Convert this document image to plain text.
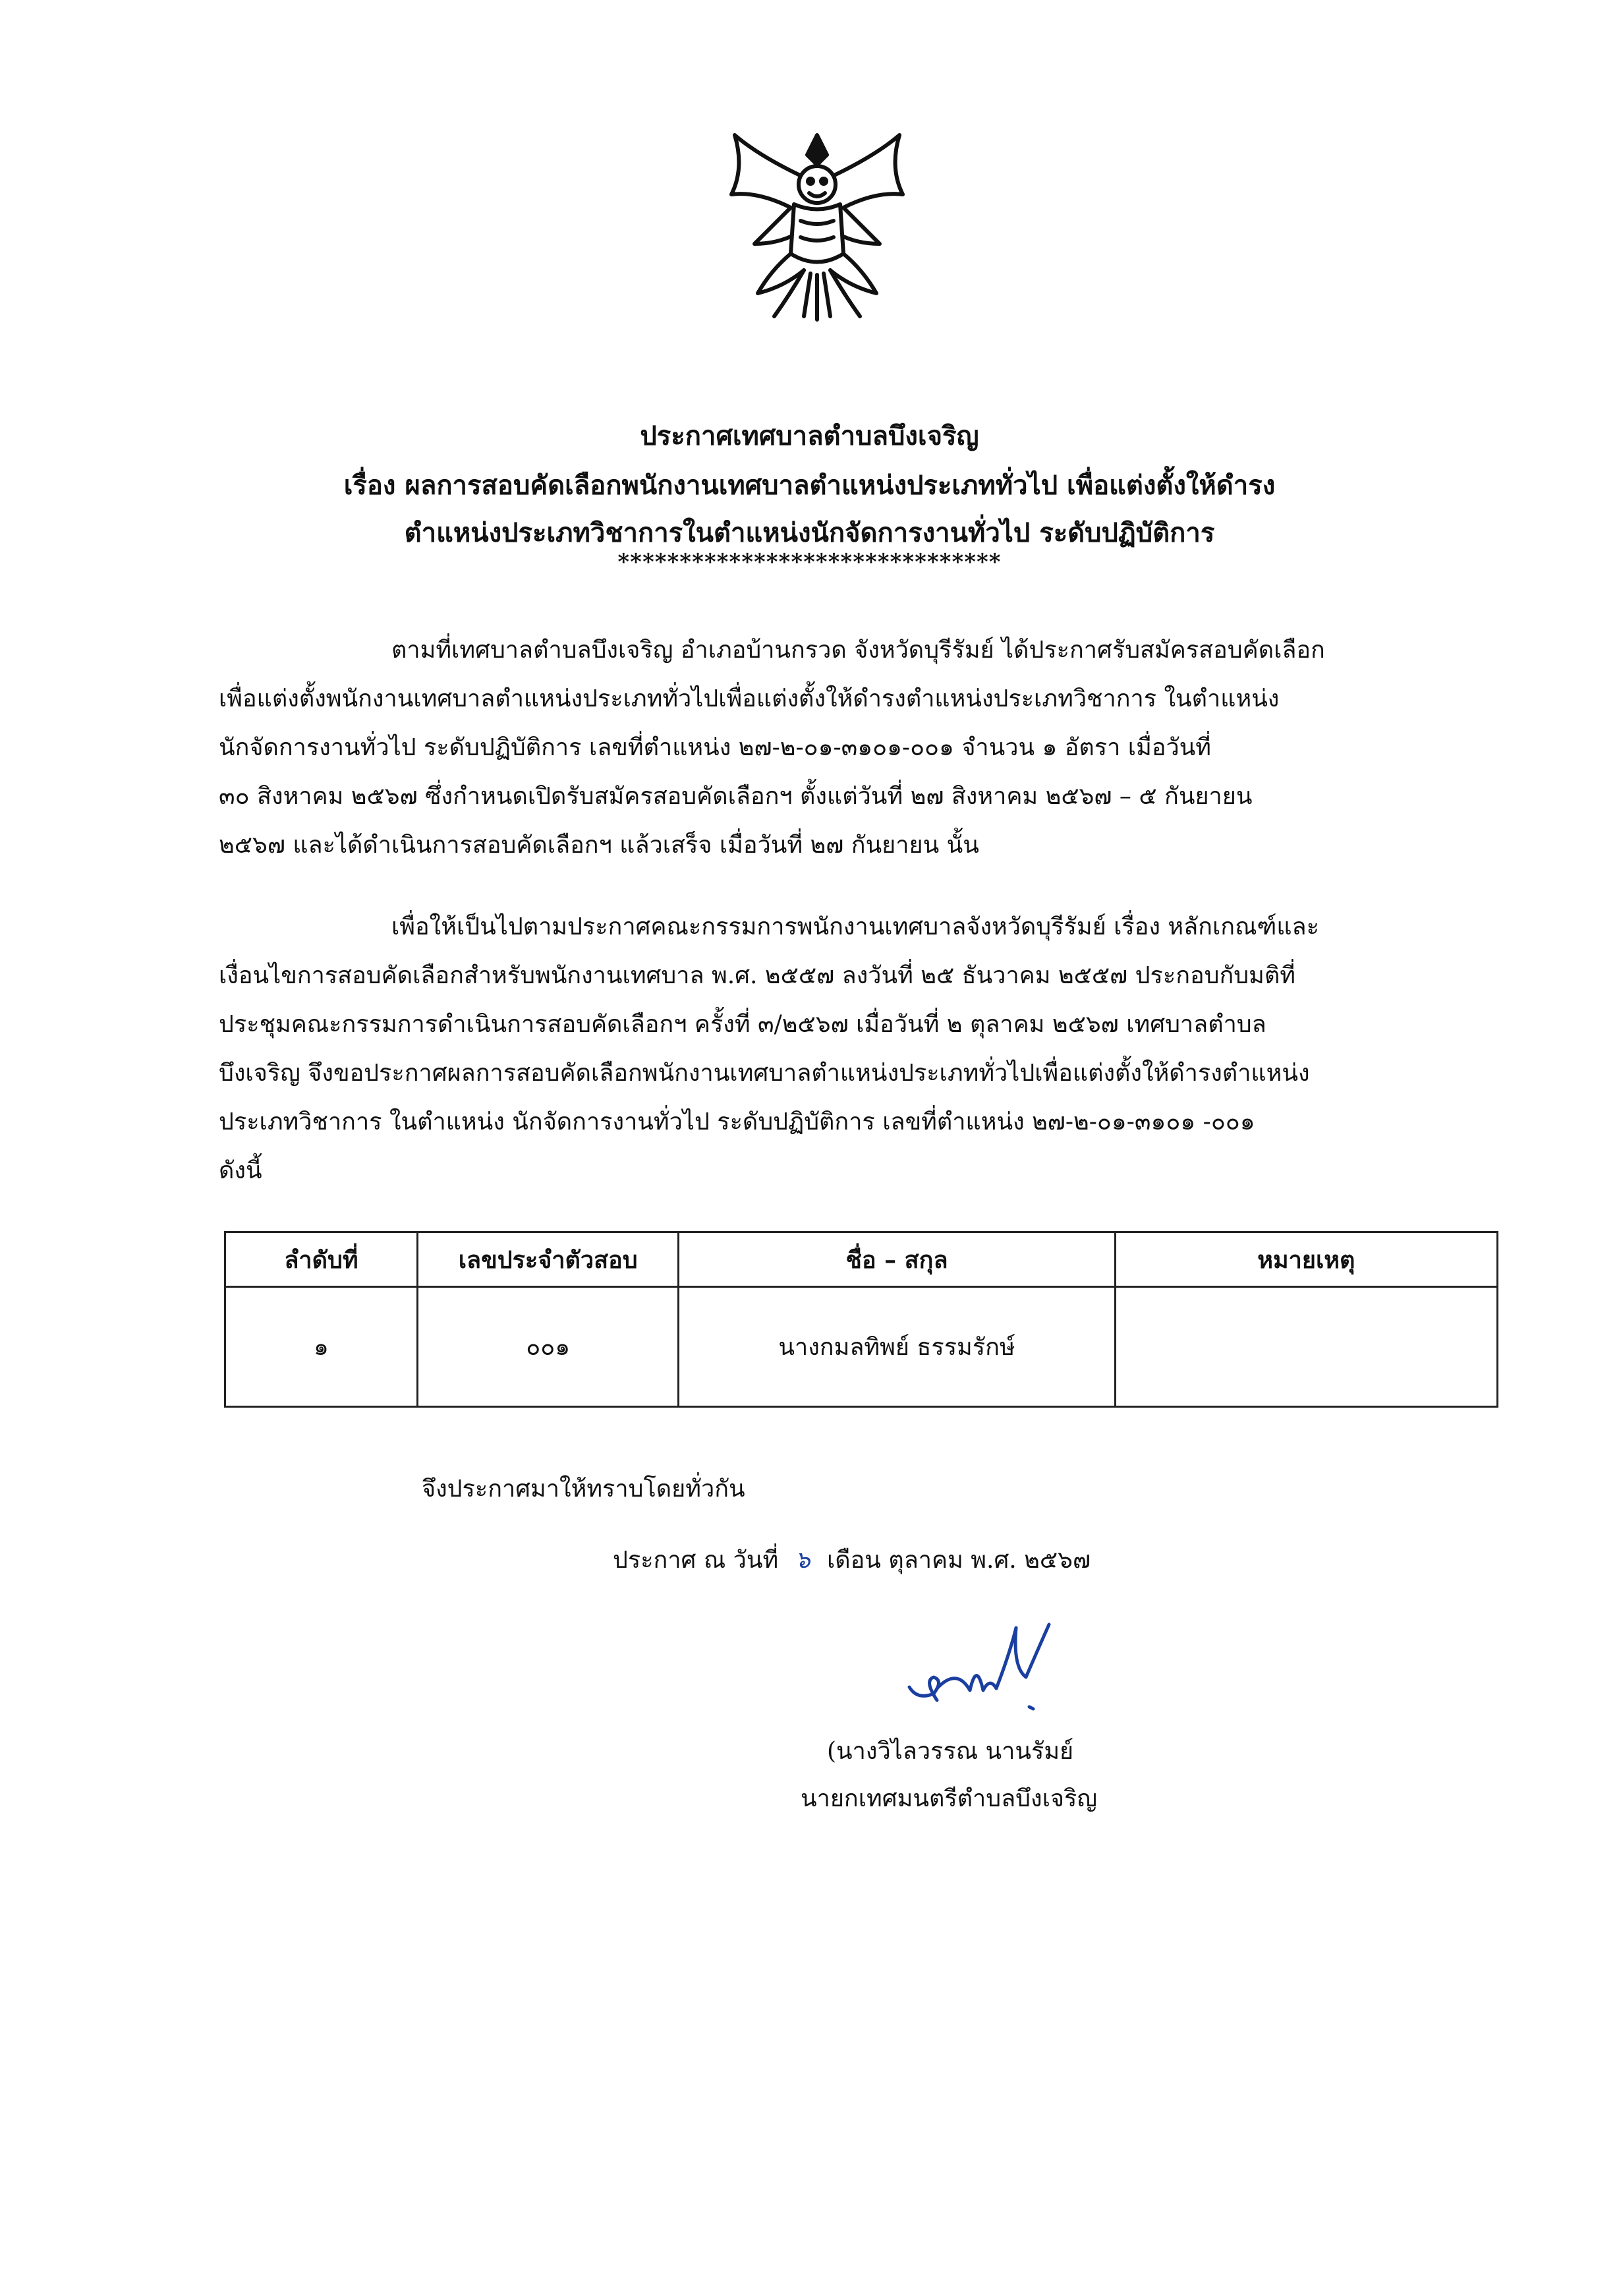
ประกาศเทศบาลตำบลบึงเจริญ
เรื่อง ผลการสอบคัดเลือกพนักงานเทศบาลตำแหน่งประเภททั่วไป เพื่อแต่งตั้งให้ดำรง
ตำแหน่งประเภทวิชาการในตำแหน่งนักจัดการงานทั่วไป ระดับปฏิบัติการ
*******************************
ตามที่เทศบาลตำบลบึงเจริญ อำเภอบ้านกรวด จังหวัดบุรีรัมย์ ได้ประกาศรับสมัครสอบคัดเลือก
เพื่อแต่งตั้งพนักงานเทศบาลตำแหน่งประเภททั่วไปเพื่อแต่งตั้งให้ดำรงตำแหน่งประเภทวิชาการ ในตำแหน่ง
นักจัดการงานทั่วไป ระดับปฏิบัติการ เลขที่ตำแหน่ง ๒๗-๒-๐๑-๓๑๐๑-๐๐๑ จำนวน ๑ อัตรา เมื่อวันที่
๓๐ สิงหาคม ๒๕๖๗ ซึ่งกำหนดเปิดรับสมัครสอบคัดเลือกฯ ตั้งแต่วันที่ ๒๗ สิงหาคม ๒๕๖๗ – ๕ กันยายน
๒๕๖๗ และได้ดำเนินการสอบคัดเลือกฯ แล้วเสร็จ เมื่อวันที่ ๒๗ กันยายน นั้น
เพื่อให้เป็นไปตามประกาศคณะกรรมการพนักงานเทศบาลจังหวัดบุรีรัมย์ เรื่อง หลักเกณฑ์และ
เงื่อนไขการสอบคัดเลือกสำหรับพนักงานเทศบาล พ.ศ. ๒๕๕๗ ลงวันที่ ๒๕ ธันวาคม ๒๕๕๗ ประกอบกับมติที่
ประชุมคณะกรรมการดำเนินการสอบคัดเลือกฯ ครั้งที่ ๓/๒๕๖๗ เมื่อวันที่ ๒ ตุลาคม ๒๕๖๗ เทศบาลตำบล
บึงเจริญ จึงขอประกาศผลการสอบคัดเลือกพนักงานเทศบาลตำแหน่งประเภททั่วไปเพื่อแต่งตั้งให้ดำรงตำแหน่ง
ประเภทวิชาการ ในตำแหน่ง นักจัดการงานทั่วไป ระดับปฏิบัติการ เลขที่ตำแหน่ง ๒๗-๒-๐๑-๓๑๐๑ -๐๐๑
ดังนี้
ลำดับที่	เลขประจำตัวสอบ	ชื่อ – สกุล	หมายเหตุ
๑	๐๐๑	นางกมลทิพย์ ธรรมรักษ์	
จึงประกาศมาให้ทราบโดยทั่วกัน
ประกาศ ณ วันที่ ๖ เดือน ตุลาคม พ.ศ. ๒๕๖๗
(นางวิไลวรรณ นานรัมย์
นายกเทศมนตรีตำบลบึงเจริญ
